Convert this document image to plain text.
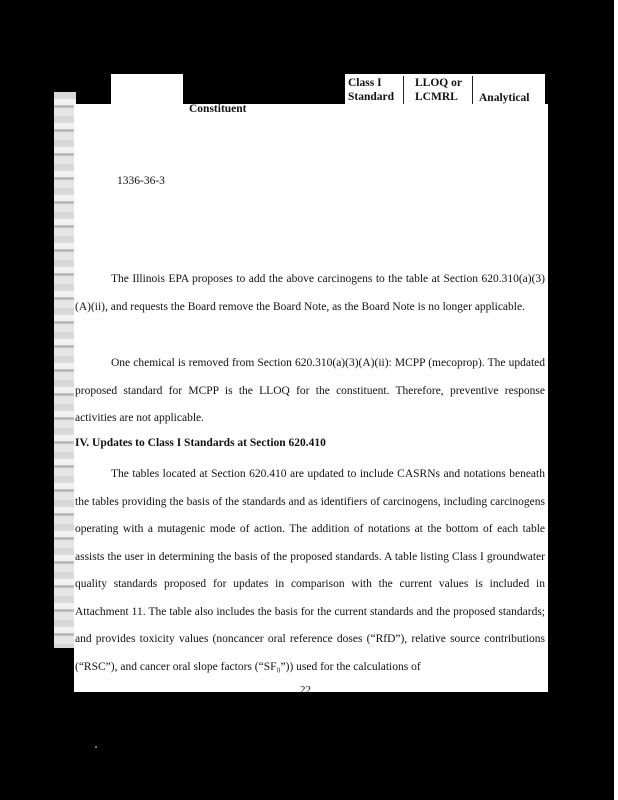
Class I
Standard
LLOQ or
LCMRL Analytical
Constituent
1336-36-3

The Illinois EPA proposes to add the above carcinogens to the table at Section 620.310(a)(3)(A)(ii), and requests the Board remove the Board Note, as the Board Note is no longer applicable.

One chemical is removed from Section 620.310(a)(3)(A)(ii): MCPP (mecoprop). The updated proposed standard for MCPP is the LLOQ for the constituent. Therefore, preventive response activities are not applicable.

IV. Updates to Class I Standards at Section 620.410

The tables located at Section 620.410 are updated to include CASRNs and notations beneath the tables providing the basis of the standards and as identifiers of carcinogens, including carcinogens operating with a mutagenic mode of action. The addition of notations at the bottom of each table assists the user in determining the basis of the proposed standards. A table listing Class I groundwater quality standards proposed for updates in comparison with the current values is included in Attachment 11. The table also includes the basis for the current standards and the proposed standards; and provides toxicity values (noncancer oral reference doses (“RfD”), relative source contributions (“RSC”), and cancer oral slope factors (“SF₀”)) used for the calculations of

22
